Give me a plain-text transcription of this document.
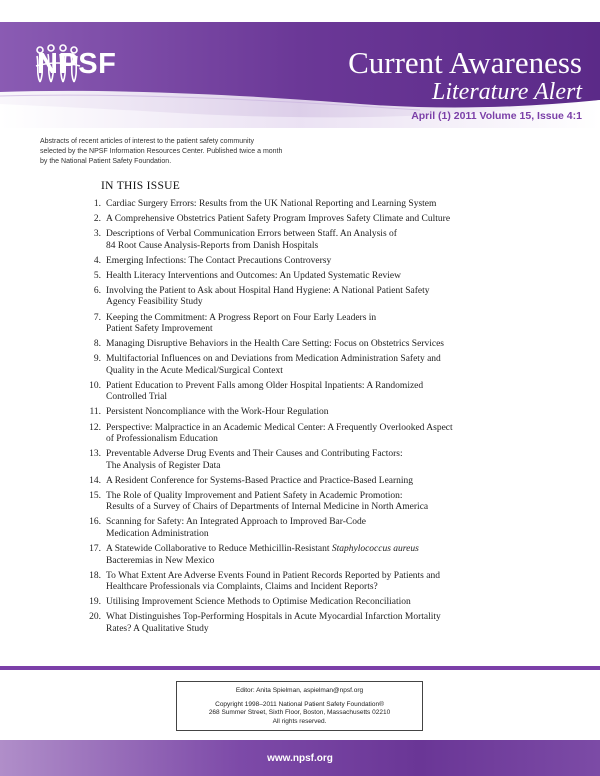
NPSF	Current Awareness
Literature Alert
April (1) 2011 Volume 15, Issue 4:1
Abstracts of recent articles of interest to the patient safety community
selected by the NPSF Information Resources Center. Published twice a month
by the National Patient Safety Foundation.
IN THIS ISSUE
1. Cardiac Surgery Errors: Results from the UK National Reporting and Learning System
2. A Comprehensive Obstetrics Patient Safety Program Improves Safety Climate and Culture
3. Descriptions of Verbal Communication Errors between Staff. An Analysis of
84 Root Cause Analysis-Reports from Danish Hospitals
4. Emerging Infections: The Contact Precautions Controversy
5. Health Literacy Interventions and Outcomes: An Updated Systematic Review
6. Involving the Patient to Ask about Hospital Hand Hygiene: A National Patient Safety
Agency Feasibility Study
7. Keeping the Commitment: A Progress Report on Four Early Leaders in
Patient Safety Improvement
8. Managing Disruptive Behaviors in the Health Care Setting: Focus on Obstetrics Services
9. Multifactorial Influences on and Deviations from Medication Administration Safety and
Quality in the Acute Medical/Surgical Context
10. Patient Education to Prevent Falls among Older Hospital Inpatients: A Randomized
Controlled Trial
11. Persistent Noncompliance with the Work-Hour Regulation
12. Perspective: Malpractice in an Academic Medical Center: A Frequently Overlooked Aspect
of Professionalism Education
13. Preventable Adverse Drug Events and Their Causes and Contributing Factors:
The Analysis of Register Data
14. A Resident Conference for Systems-Based Practice and Practice-Based Learning
15. The Role of Quality Improvement and Patient Safety in Academic Promotion:
Results of a Survey of Chairs of Departments of Internal Medicine in North America
16. Scanning for Safety: An Integrated Approach to Improved Bar-Code
Medication Administration
17. A Statewide Collaborative to Reduce Methicillin-Resistant Staphylococcus aureus
Bacteremias in New Mexico
18. To What Extent Are Adverse Events Found in Patient Records Reported by Patients and
Healthcare Professionals via Complaints, Claims and Incident Reports?
19. Utilising Improvement Science Methods to Optimise Medication Reconciliation
20. What Distinguishes Top-Performing Hospitals in Acute Myocardial Infarction Mortality
Rates? A Qualitative Study
Editor: Anita Spielman, aspielman@npsf.org
Copyright 1998–2011 National Patient Safety Foundation®
268 Summer Street, Sixth Floor, Boston, Massachusetts 02210
All rights reserved.
www.npsf.org
